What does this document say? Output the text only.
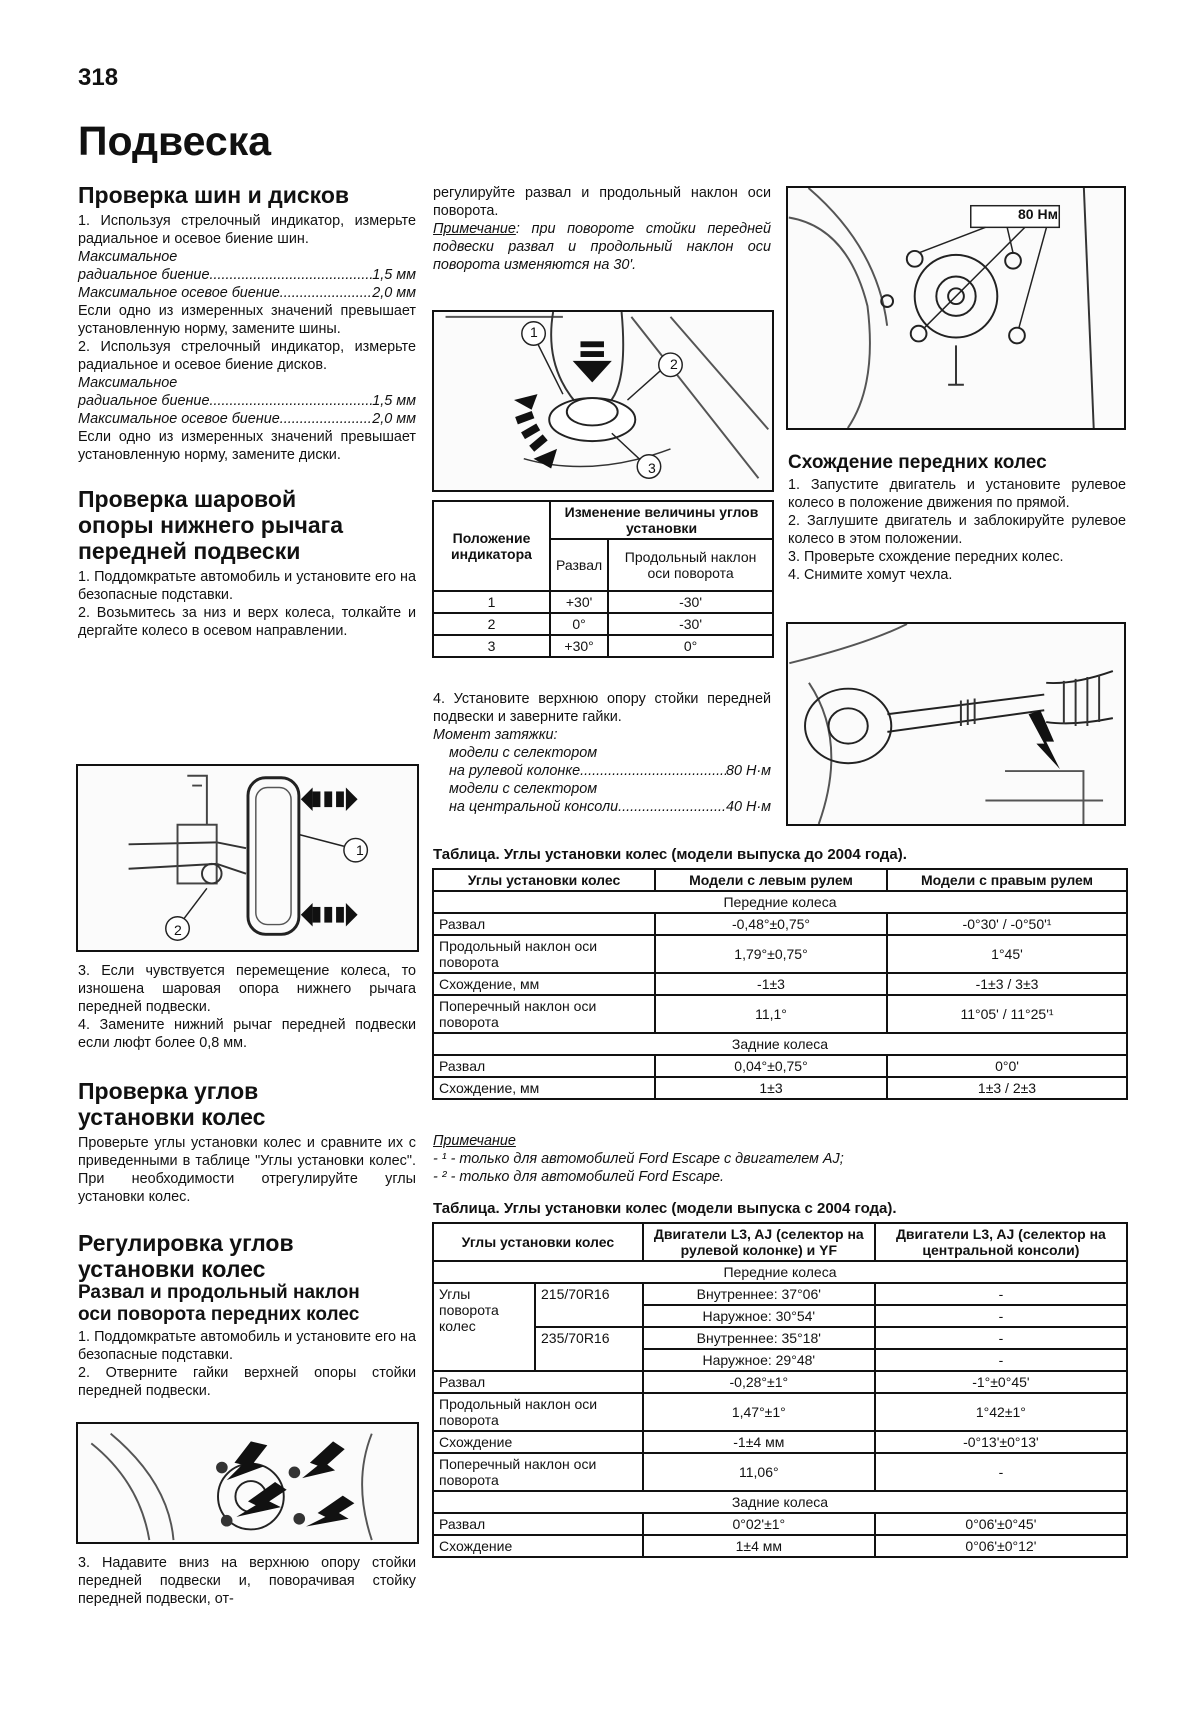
318
Подвеска
Проверка шин и дисков

1. Используя стрелочный индикатор, измерьте радиальное и осевое биение шин.

Максимальное

радиальное биение .....	1,5 мм
Максимальное осевое биение .....	2,0 мм

Если одно из измеренных значений превышает установленную норму, замените шины.

2. Используя стрелочный индикатор, измерьте радиальное и осевое биение дисков.

Максимальное

радиальное биение .....	1,5 мм
Максимальное осевое биение .....	2,0 мм

Если одно из измеренных значений превышает установленную норму, замените диски.

Проверка шаровой
опоры нижнего рычага
передней подвески

1. Поддомкратьте автомобиль и установите его на безопасные подставки.

2. Возьмитесь за низ и верх колеса, толкайте и дергайте колесо в осевом направлении.

1
2

3. Если чувствуется перемещение колеса, то изношена шаровая опора нижнего рычага передней подвески.

4. Замените нижний рычаг передней подвески если люфт более 0,8 мм.

Проверка углов
установки колес

Проверьте углы установки колес и сравните их с приведенными в таблице "Углы установки колес". При необходимости отрегулируйте углы установки колес.

Регулировка углов
установки колес
Развал и продольный наклон
оси поворота передних колес

1. Поддомкратьте автомобиль и установите его на безопасные подставки.

2. Отверните гайки верхней опоры стойки передней подвески.

3. Надавите вниз на верхнюю опору стойки передней подвески и, поворачивая стойку передней подвески, от-

регулируйте развал и продольный наклон оси поворота.

Примечание: при повороте стойки передней подвески развал и продольный наклон оси поворота изменяются на 30'.

1
2
3
Положение индикатора	Изменение величины углов установки	
	Развал	Продольный наклон оси поворота
1	+30'	-30'
2	0°	-30'
3	+30°	0°

4. Установите верхнюю опору стойки передней подвески и заверните гайки.

Момент затяжки:

модели с селектором

на рулевой колонке .....	80 Н·м

модели с селектором

на центральной консоли .....	40 Н·м
80 Нм
Схождение передних колес

1. Запустите двигатель и установите рулевое колесо в положение движения по прямой.

2. Заглушите двигатель и заблокируйте рулевое колесо в этом положении.

3. Проверьте схождение передних колес.

4. Снимите хомут чехла.

Таблица. Углы установки колес (модели выпуска до 2004 года).
Углы установки колес	Модели с левым рулем	Модели с правым рулем
Передние колеса		
Развал	-0,48°±0,75°	-0°30' / -0°50'¹
Продольный наклон оси поворота	1,79°±0,75°	1°45'
Схождение, мм	-1±3	-1±3 / 3±3
Поперечный наклон оси поворота	11,1°	11°05' / 11°25'¹
Задние колеса		
Развал	0,04°±0,75°	0°0'
Схождение, мм	1±3	1±3 / 2±3
Примечание
- ¹ - только для автомобилей Ford Escape с двигателем AJ;
- ² - только для автомобилей Ford Escape.
Таблица. Углы установки колес (модели выпуска с 2004 года).
Углы установки колес		Двигатели L3, AJ (селектор на рулевой колонке) и YF	Двигатели L3, AJ (селектор на центральной консоли)
Передние колеса			
Углы поворота колес	215/70R16	Внутреннее: 37°06'	-
		Наружное: 30°54'	-
	235/70R16	Внутреннее: 35°18'	-
		Наружное: 29°48'	-
Развал		-0,28°±1°	-1°±0°45'
Продольный наклон оси поворота		1,47°±1°	1°42±1°
Схождение		-1±4 мм	-0°13'±0°13'
Поперечный наклон оси поворота		11,06°	-
Задние колеса			
Развал		0°02'±1°	0°06'±0°45'
Схождение		1±4 мм	0°06'±0°12'
